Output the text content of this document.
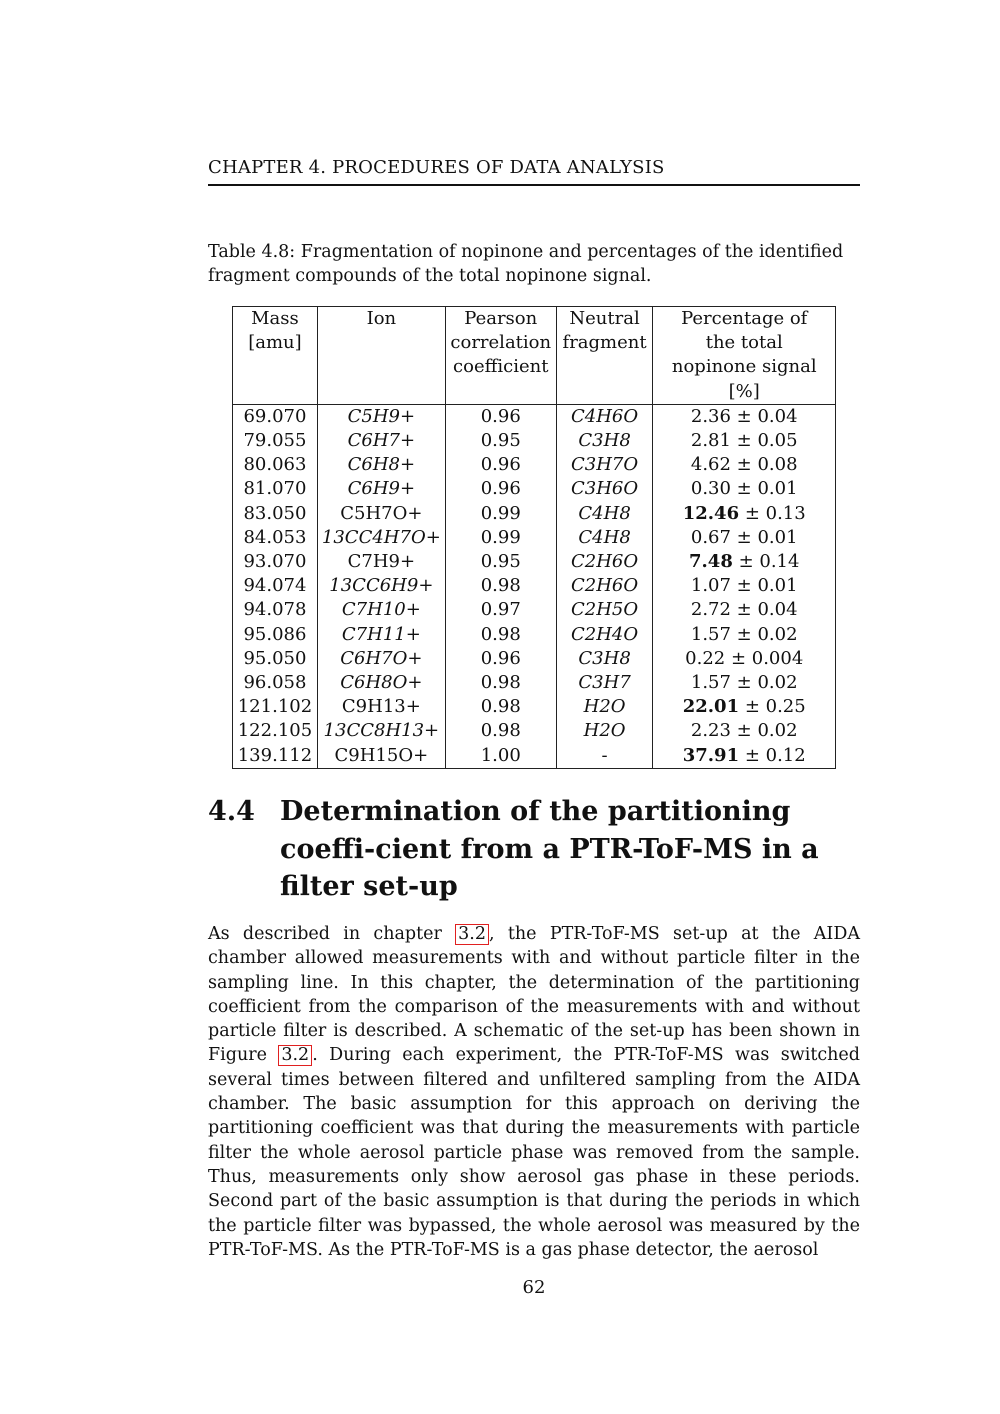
CHAPTER 4. PROCEDURES OF DATA ANALYSIS
Table 4.8: Fragmentation of nopinone and percentages of the identified fragment compounds of the total nopinone signal.
Mass	Ion	Pearson	Neutral	Percentage of
[amu]		correlation	fragment	the total
		coefficient		nopinone signal [%]
69.070	C5H9+	0.96	C4H6O	2.36 ± 0.04
79.055	C6H7+	0.95	C3H8	2.81 ± 0.05
80.063	C6H8+	0.96	C3H7O	4.62 ± 0.08
81.070	C6H9+	0.96	C3H6O	0.30 ± 0.01
83.050	C5H7O+	0.99	C4H8	12.46 ± 0.13
84.053	13CC4H7O+	0.99	C4H8	0.67 ± 0.01
93.070	C7H9+	0.95	C2H6O	7.48 ± 0.14
94.074	13CC6H9+	0.98	C2H6O	1.07 ± 0.01
94.078	C7H10+	0.97	C2H5O	2.72 ± 0.04
95.086	C7H11+	0.98	C2H4O	1.57 ± 0.02
95.050	C6H7O+	0.96	C3H8	0.22 ± 0.004
96.058	C6H8O+	0.98	C3H7	1.57 ± 0.02
121.102	C9H13+	0.98	H2O	22.01 ± 0.25
122.105	13CC8H13+	0.98	H2O	2.23 ± 0.02
139.112	C9H15O+	1.00	-	37.91 ± 0.12
4.4 Determination of the partitioning coeffi-cient from a PTR-ToF-MS in a filter set-up
As described in chapter 3.2 , the PTR-ToF-MS set-up at the AIDA chamber allowed measurements with and without particle filter in the sampling line. In this chapter, the determination of the partitioning coefficient from the comparison of the measurements with and without particle filter is described. A schematic of the set-up has been shown in Figure 3.2 . During each experiment, the PTR-ToF-MS was switched several times between filtered and unfiltered sampling from the AIDA chamber. The basic assumption for this approach on deriving the partitioning coefficient was that during the measurements with particle filter the whole aerosol particle phase was removed from the sample. Thus, measurements only show aerosol gas phase in these periods. Second part of the basic assumption is that during the periods in which the particle filter was bypassed, the whole aerosol was measured by the PTR-ToF-MS. As the PTR-ToF-MS is a gas phase detector, the aerosol
62
